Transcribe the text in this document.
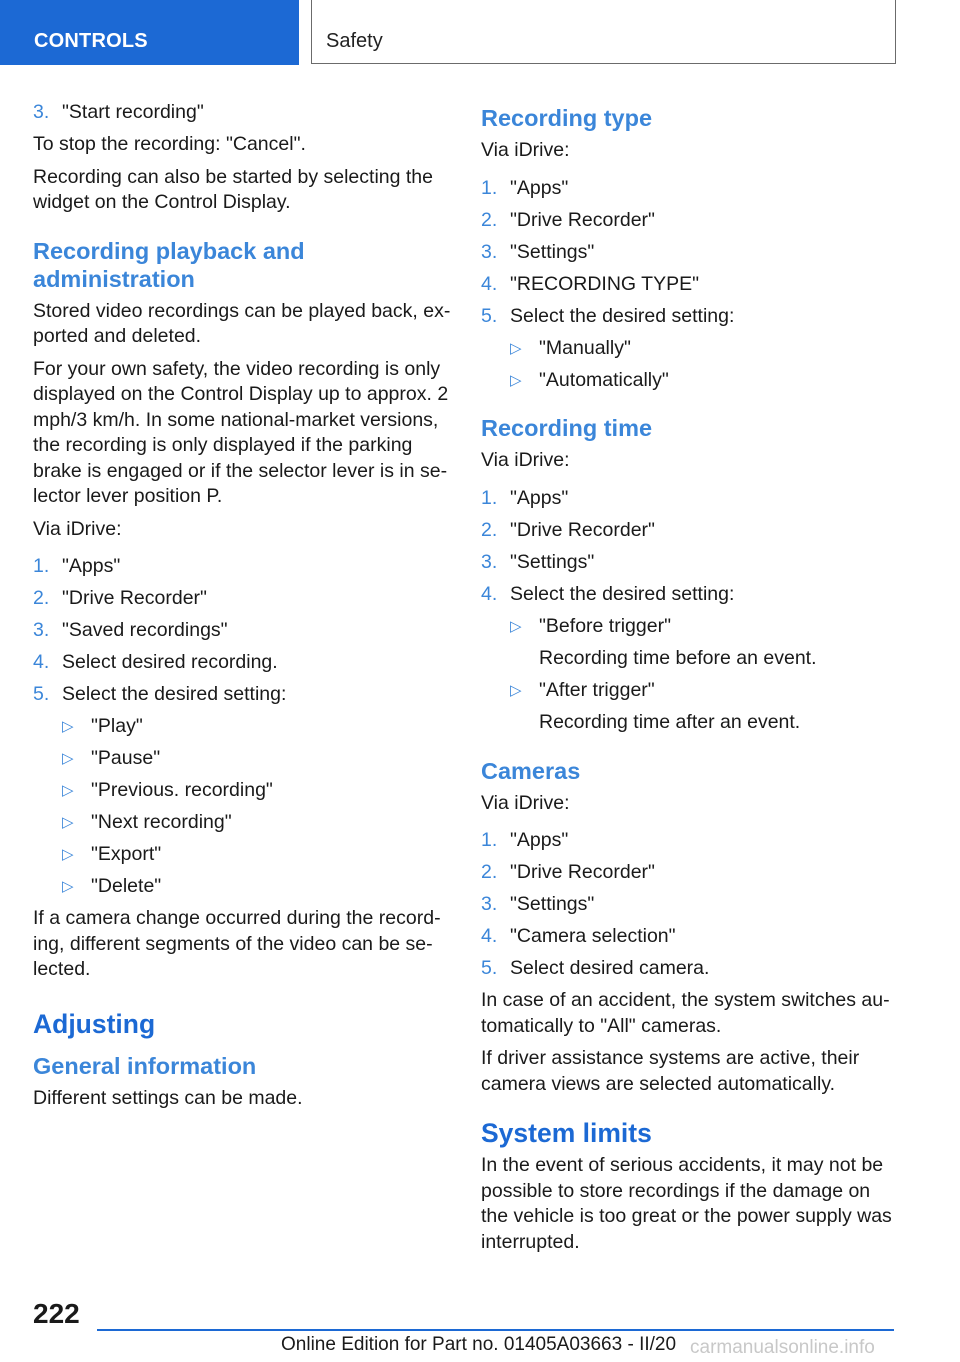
CONTROLS	Safety
3. "Start recording"

To stop the recording: "Cancel".

Recording can also be started by selecting the widget on the Control Display.

Recording playback and administration

Stored video recordings can be played back, exported and deleted.

For your own safety, the video recording is only displayed on the Control Display up to approx. 2 mph/3 km/h. In some national-market versions, the recording is only displayed if the parking brake is engaged or if the selector lever is in selector lever position P.

Via iDrive:

1. "Apps"
2. "Drive Recorder"
3. "Saved recordings"
4. Select desired recording.
5. Select the desired setting:
▷ "Play"
▷ "Pause"
▷ "Previous. recording"
▷ "Next recording"
▷ "Export"
▷ "Delete"

If a camera change occurred during the recording, different segments of the video can be selected.

Adjusting
General information

Different settings can be made.

Recording type

Via iDrive:

1. "Apps"
2. "Drive Recorder"
3. "Settings"
4. "RECORDING TYPE"
5. Select the desired setting:
▷ "Manually"
▷ "Automatically"
Recording time

Via iDrive:

1. "Apps"
2. "Drive Recorder"
3. "Settings"
4. Select the desired setting:
▷ "Before trigger"
Recording time before an event.
▷ "After trigger"
Recording time after an event.
Cameras

Via iDrive:

1. "Apps"
2. "Drive Recorder"
3. "Settings"
4. "Camera selection"
5. Select desired camera.

In case of an accident, the system switches automatically to "All" cameras.

If driver assistance systems are active, their camera views are selected automatically.

System limits

In the event of serious accidents, it may not be possible to store recordings if the damage on the vehicle is too great or the power supply was interrupted.

222
Online Edition for Part no. 01405A03663 - II/20 carmanualsonline.info
